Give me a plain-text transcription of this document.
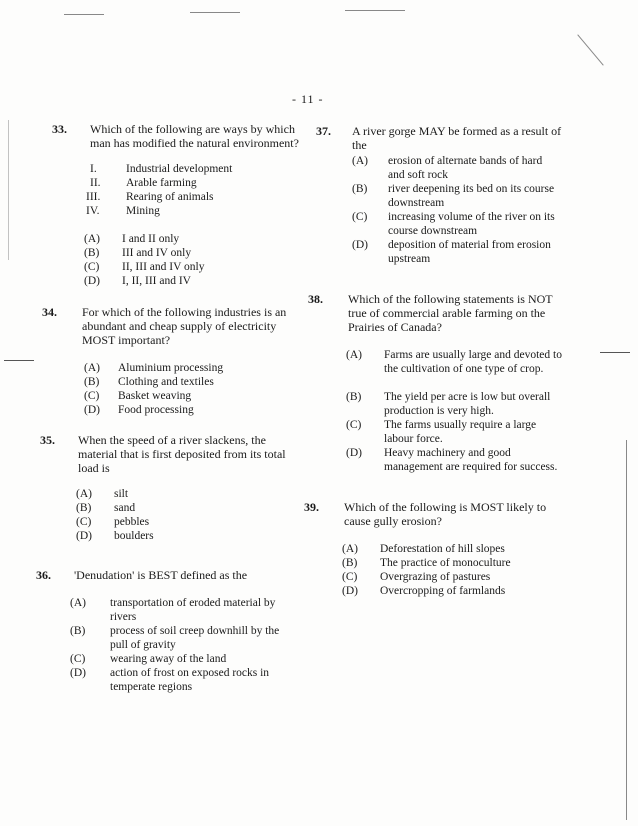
- 11 -
33. Which of the following are ways by which man has modified the natural environment?
I.	Industrial development
II. Arable farming
III. Rearing of animals
IV. Mining
(A) I and II only
(B) III and IV only
(C) II, III and IV only
(D) I, II, III and IV
34. For which of the following industries is an abundant and cheap supply of electricity MOST important?
(A) Aluminium processing
(B) Clothing and textiles
(C) Basket weaving
(D) Food processing
35. When the speed of a river slackens, the material that is first deposited from its total load is
(A) silt
(B) sand
(C) pebbles
(D) boulders
36. 'Denudation' is BEST defined as the
(A) transportation of eroded material by rivers
(B) process of soil creep downhill by the pull of gravity
(C) wearing away of the land
(D) action of frost on exposed rocks in temperate regions
37. A river gorge MAY be formed as a result of the
(A) erosion of alternate bands of hard and soft rock
(B) river deepening its bed on its course downstream
(C) increasing volume of the river on its course downstream
(D) deposition of material from erosion upstream
38. Which of the following statements is NOT true of commercial arable farming on the Prairies of Canada?
(A) Farms are usually large and devoted to the cultivation of one type of crop.
(B) The yield per acre is low but overall production is very high.
(C) The farms usually require a large labour force.
(D) Heavy machinery and good management are required for success.
39. Which of the following is MOST likely to cause gully erosion?
(A) Deforestation of hill slopes
(B) The practice of monoculture
(C) Overgrazing of pastures
(D) Overcropping of farmlands
